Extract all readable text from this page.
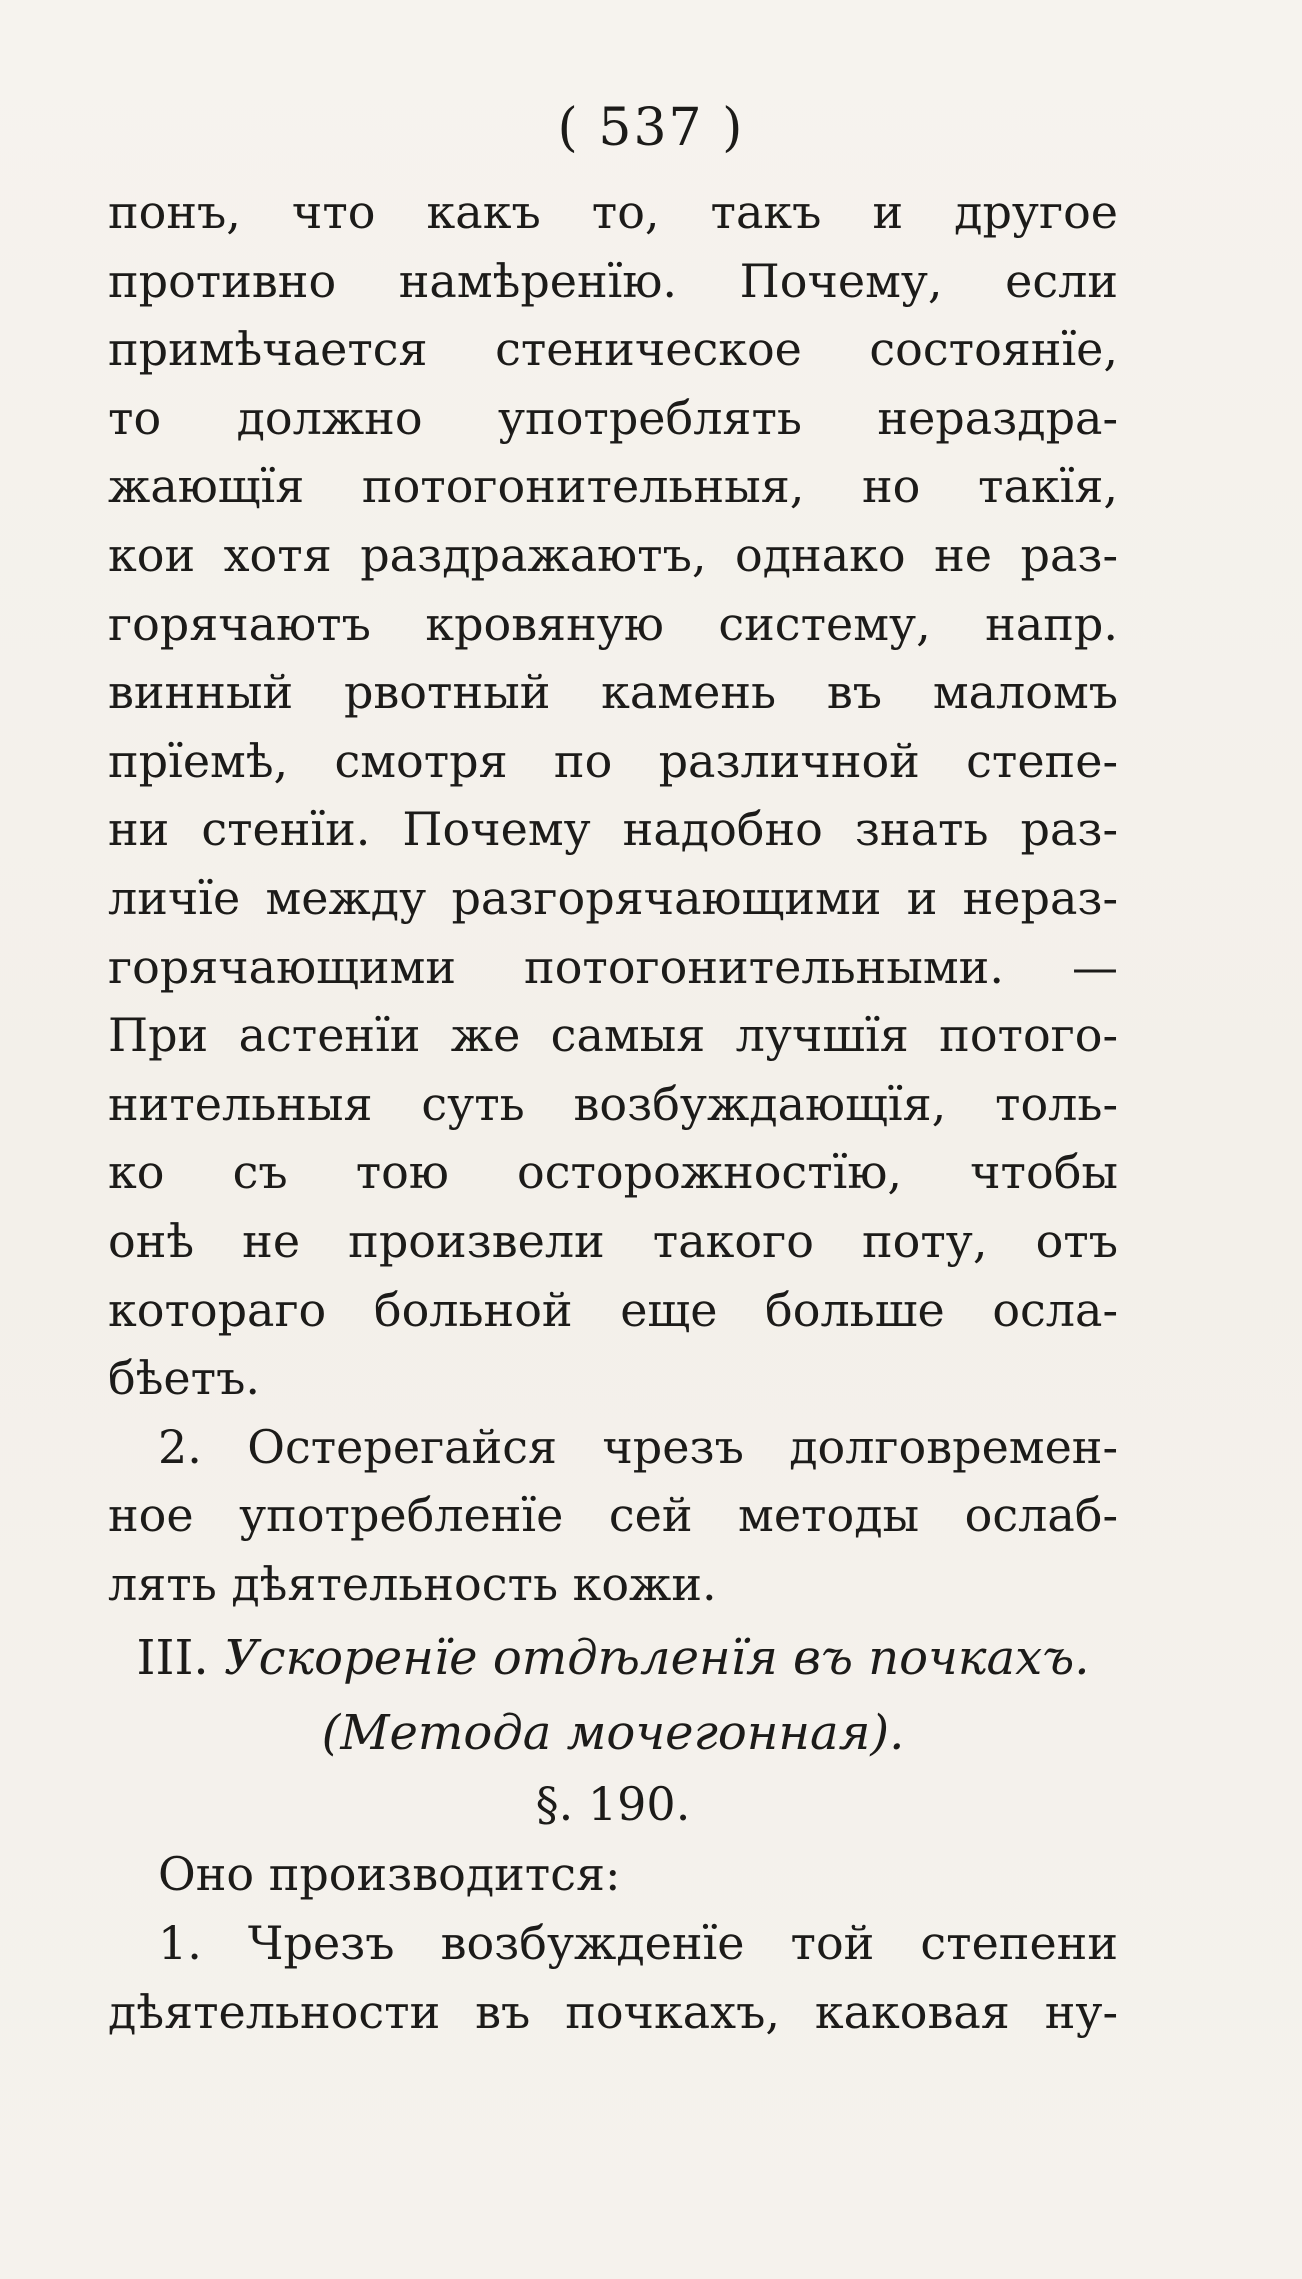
( 537 )
понъ, что какъ то, такъ и другое
противно намѣренїю. Почему, если
примѣчается стеническое состоянїе,
то должно употреблять нераздра-
жающїя потогонительныя, но такїя,
кои хотя раздражаютъ, однако не раз-
горячаютъ кровяную систему, напр.
винный рвотный камень въ маломъ
прїемѣ, смотря по различной степе-
ни стенїи. Почему надобно знать раз-
личїе между разгорячающими и нераз-
горячающими потогонительными. —
При астенїи же самыя лучшїя потого-
нительныя суть возбуждающїя, толь-
ко съ тою осторожностїю, чтобы
онѣ не произвели такого поту, отъ
котораго больной еще больше осла-
бѣетъ.
2. Остерегайся чрезъ долговремен-
ное употребленїе сей методы ослаб-
лять дѣятельность кожи.
III. Ускоренїе отдѣленїя въ почкахъ.
(Метода мочегонная).
§. 190.
Оно производится:
1. Чрезъ возбужденїе той степени
дѣятельности въ почкахъ, каковая ну-
